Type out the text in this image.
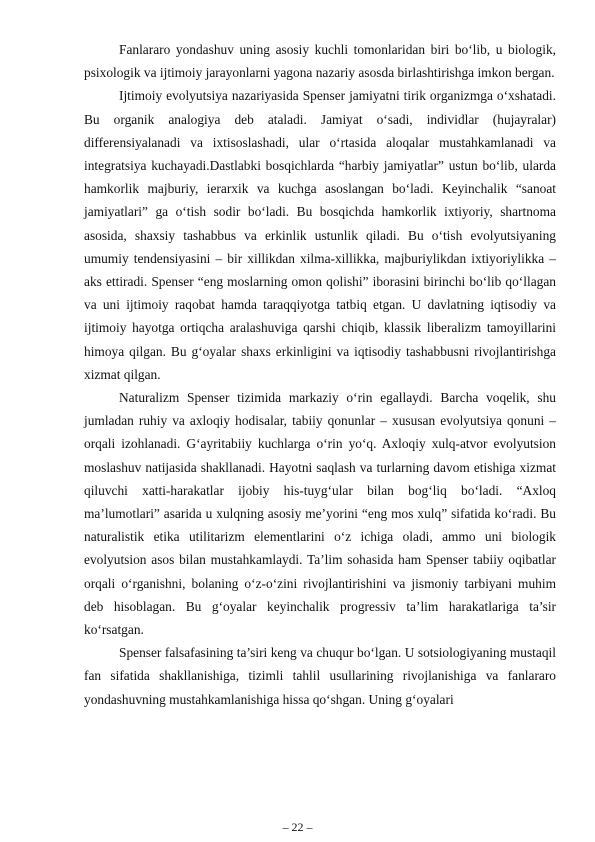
Fanlararo yondashuv uning asosiy kuchli tomonlaridan biri bo‘lib, u biologik, psixologik va ijtimoiy jarayonlarni yagona nazariy asosda birlashtirishga imkon bergan.

Ijtimoiy evolyutsiya nazariyasida Spenser jamiyatni tirik organizmga o‘xshatadi. Bu organik analogiya deb ataladi. Jamiyat o‘sadi, individlar (hujayralar) differensiyalanadi va ixtisoslashadi, ular o‘rtasida aloqalar mustahkamlanadi va integratsiya kuchayadi.Dastlabki bosqichlarda “harbiy jamiyatlar” ustun bo‘lib, ularda hamkorlik majburiy, ierarxik va kuchga asoslangan bo‘ladi. Keyinchalik “sanoat jamiyatlari” ga o‘tish sodir bo‘ladi. Bu bosqichda hamkorlik ixtiyoriy, shartnoma asosida, shaxsiy tashabbus va erkinlik ustunlik qiladi. Bu o‘tish evolyutsiyaning umumiy tendensiyasini – bir xillikdan xilma-xillikka, majburiylikdan ixtiyoriylikka – aks ettiradi. Spenser “eng moslarning omon qolishi” iborasini birinchi bo‘lib qo‘llagan va uni ijtimoiy raqobat hamda taraqqiyotga tatbiq etgan. U davlatning iqtisodiy va ijtimoiy hayotga ortiqcha aralashuviga qarshi chiqib, klassik liberalizm tamoyillarini himoya qilgan. Bu g‘oyalar shaxs erkinligini va iqtisodiy tashabbusni rivojlantirishga xizmat qilgan.

Naturalizm Spenser tizimida markaziy o‘rin egallaydi. Barcha voqelik, shu jumladan ruhiy va axloqiy hodisalar, tabiiy qonunlar – xususan evolyutsiya qonuni – orqali izohlanadi. G‘ayritabiiy kuchlarga o‘rin yo‘q. Axloqiy xulq-atvor evolyutsion moslashuv natijasida shakllanadi. Hayotni saqlash va turlarning davom etishiga xizmat qiluvchi xatti-harakatlar ijobiy his-tuyg‘ular bilan bog‘liq bo‘ladi. “Axloq ma’lumotlari” asarida u xulqning asosiy me’yorini “eng mos xulq” sifatida ko‘radi. Bu naturalistik etika utilitarizm elementlarini o‘z ichiga oladi, ammo uni biologik evolyutsion asos bilan mustahkamlaydi. Ta’lim sohasida ham Spenser tabiiy oqibatlar orqali o‘rganishni, bolaning o‘z-o‘zini rivojlantirishini va jismoniy tarbiyani muhim deb hisoblagan. Bu g‘oyalar keyinchalik progressiv ta’lim harakatlariga ta’sir ko‘rsatgan.

Spenser falsafasining ta’siri keng va chuqur bo‘lgan. U sotsiologiyaning mustaqil fan sifatida shakllanishiga, tizimli tahlil usullarining rivojlanishiga va fanlararo yondashuvning mustahkamlanishiga hissa qo‘shgan. Uning g‘oyalari

– 22 –
